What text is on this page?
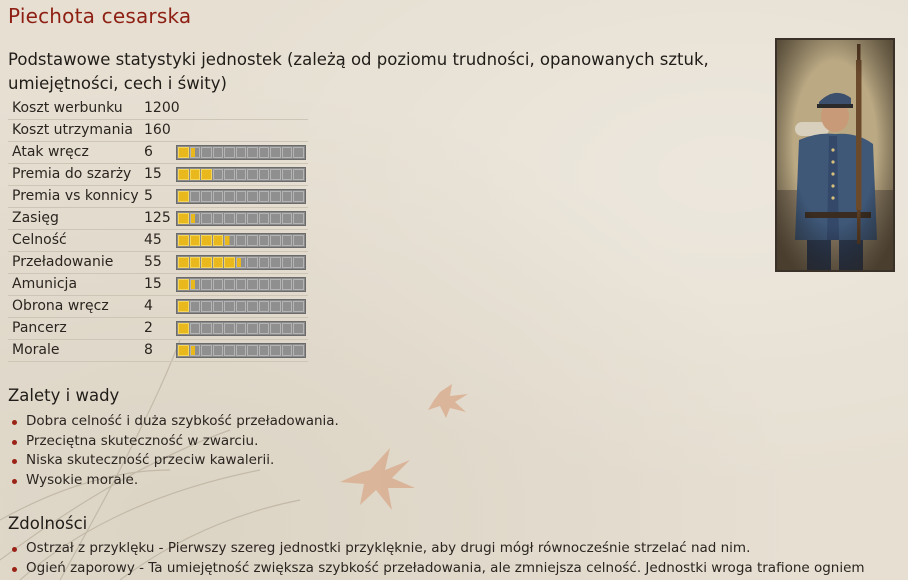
Piechota cesarska
Podstawowe statystyki jednostek (zależą od poziomu trudności, opanowanych sztuk, umiejętności, cech i świty)
Koszt werbunku 1200
Koszt utrzymania 160
Atak wręcz	6
Premia do szarży 15
Premia vs konnicy 5
Zasięg	125
Celność	45
Przeładowanie 55
Amunicja	15
Obrona wręcz	4
Pancerz	2
Morale	8
Zalety i wady
Dobra celność i duża szybkość przeładowania.
Przeciętna skuteczność w zwarciu.
Niska skuteczność przeciw kawalerii.
Wysokie morale.
Zdolności
Ostrzał z przyklęku - Pierwszy szereg jednostki przyklęknie, aby drugi mógł równocześnie strzelać nad nim.
Ogień zaporowy - Ta umiejętność zwiększa szybkość przeładowania, ale zmniejsza celność. Jednostki wroga trafione ogniem
